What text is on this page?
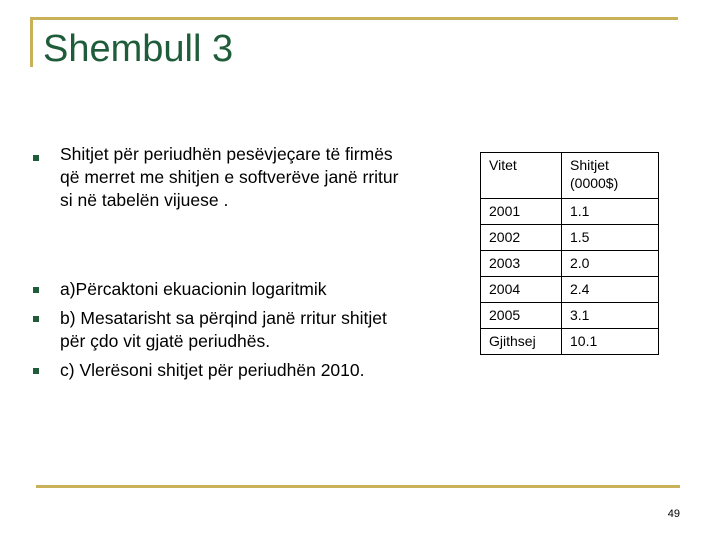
Shembull 3
Shitjet për periudhën pesëvjeçare të firmës
që merret me shitjen e softverëve janë rritur
si në tabelën vijuese .
a)Përcaktoni ekuacionin logaritmik
b) Mesatarisht sa përqind janë rritur shitjet
për çdo vit gjatë periudhës.
c) Vlerësoni shitjet për periudhën 2010.
Vitet	Shitjet
(0000$)
2001	1.1
2002	1.5
2003	2.0
2004	2.4
2005	3.1
Gjithsej	10.1
49
